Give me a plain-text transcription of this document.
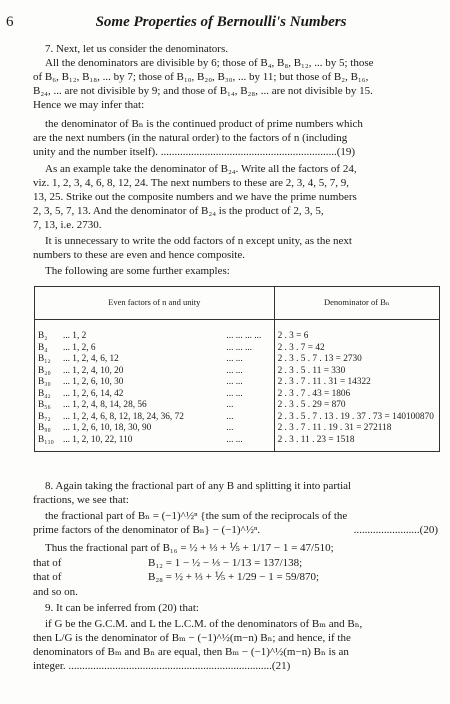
6	Some Properties of Bernoulli's Numbers
7. Next, let us consider the denominators.
All the denominators are divisible by 6; those of B₄, B₈, B₁₂, ... by 5; those
of B₆, B₁₂, B₁₈, ... by 7; those of B₁₀, B₂₀, B₃₀, ... by 11; but those of B₂, B₁₆,
B₂₄, ... are not divisible by 9; and those of B₁₄, B₂₈, ... are not divisible by 15.
Hence we may infer that:
the denominator of Bₙ is the continued product of prime numbers which
are the next numbers (in the natural order) to the factors of n (including
unity and the number itself). ................................................................(19)
As an example take the denominator of B₂₄. Write all the factors of 24,
viz. 1, 2, 3, 4, 6, 8, 12, 24. The next numbers to these are 2, 3, 4, 5, 7, 9,
13, 25. Strike out the composite numbers and we have the prime numbers
2, 3, 5, 7, 13. And the denominator of B₂₄ is the product of 2, 3, 5,
7, 13, i.e. 2730.
It is unnecessary to write the odd factors of n except unity, as the next
numbers to these are even and hence composite.
The following are some further examples:
Even factors of n and unity			Denominator of Bₙ
B₂	... 1, 2	... ... ... ...	2 . 3 = 6
B₄	... 1, 2, 6	... ... ...	2 . 3 . 7 = 42
B₁₂	... 1, 2, 4, 6, 12	... ...	2 . 3 . 5 . 7 . 13 = 2730
B₂₀	... 1, 2, 4, 10, 20	... ...	2 . 3 . 5 . 11 = 330
B₃₀	... 1, 2, 6, 10, 30	... ...	2 . 3 . 7 . 11 . 31 = 14322
B₄₂	... 1, 2, 6, 14, 42	... ...	2 . 3 . 7 . 43 = 1806
B₅₆	... 1, 2, 4, 8, 14, 28, 56	...	2 . 3 . 5 . 29 = 870
B₇₂	... 1, 2, 4, 6, 8, 12, 18, 24, 36, 72	...	2 . 3 . 5 . 7 . 13 . 19 . 37 . 73 = 140100870
B₉₀	... 1, 2, 6, 10, 18, 30, 90	...	2 . 3 . 7 . 11 . 19 . 31 = 272118
B₁₁₀	... 1, 2, 10, 22, 110	... ...	2 . 3 . 11 . 23 = 1518
8. Again taking the fractional part of any B and splitting it into partial
fractions, we see that:
the fractional part of Bₙ = (−1)^½ⁿ {the sum of the reciprocals of the
........................(20)
prime factors of the denominator of Bₙ} − (−1)^½ⁿ.
Thus the fractional part of B₁₆ = ½ + ⅓ + ⅕ + 1/17 − 1 = 47/510;
that of	B₁₂ = 1 − ½ − ⅓ − 1/13 = 137/138;
that of	B₂₈ = ½ + ⅓ + ⅕ + 1/29 − 1 = 59/870;
and so on.
9. It can be inferred from (20) that:
if G be the G.C.M. and L the L.C.M. of the denominators of Bₘ and Bₙ,
then L/G is the denominator of Bₘ − (−1)^½(m−n) Bₙ; and hence, if the
denominators of Bₘ and Bₙ are equal, then Bₘ − (−1)^½(m−n) Bₙ is an
integer. ..........................................................................(21)
